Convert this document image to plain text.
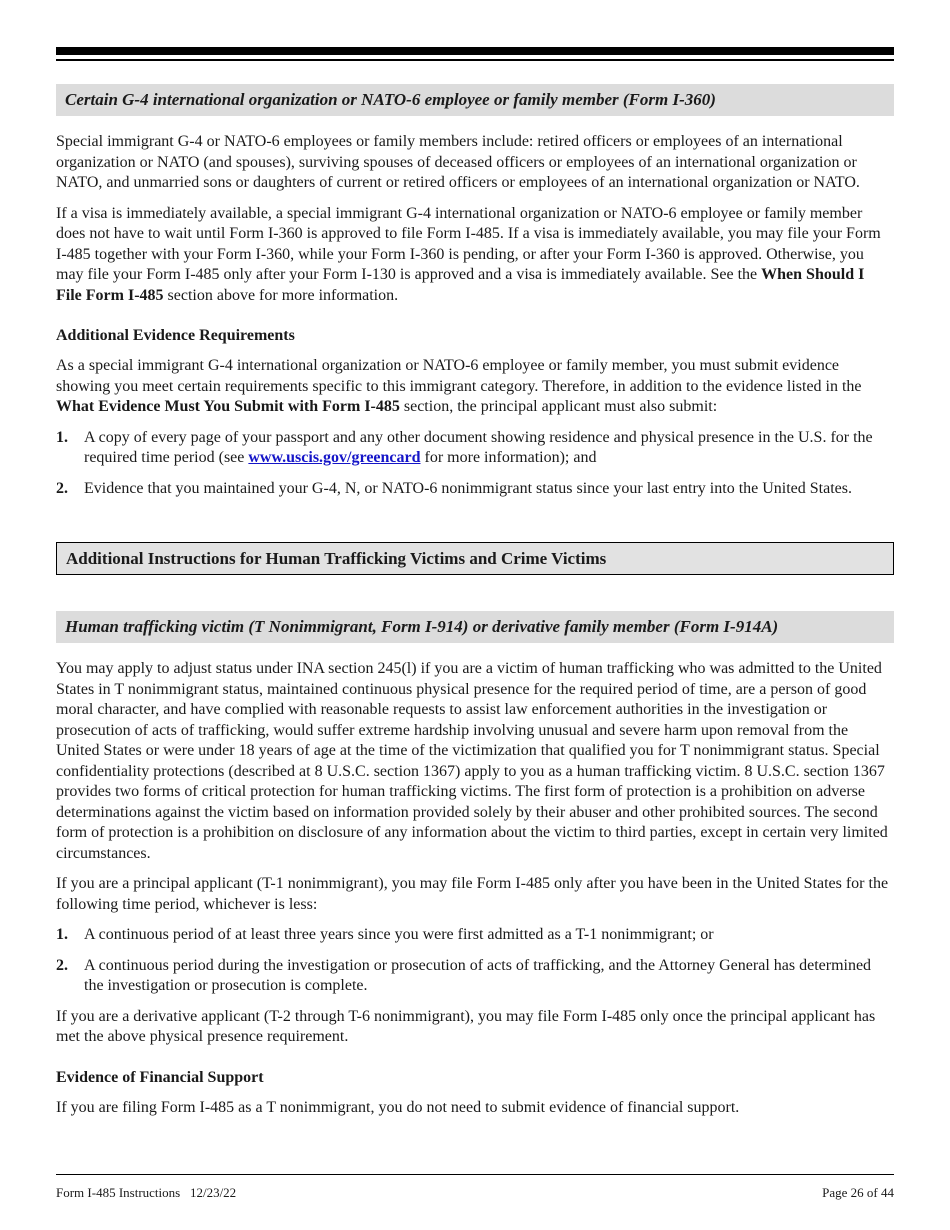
Certain G-4 international organization or NATO-6 employee or family member (Form I-360)

Special immigrant G-4 or NATO-6 employees or family members include: retired officers or employees of an international organization or NATO (and spouses), surviving spouses of deceased officers or employees of an international organization or NATO, and unmarried sons or daughters of current or retired officers or employees of an international organization or NATO.

If a visa is immediately available, a special immigrant G-4 international organization or NATO-6 employee or family member does not have to wait until Form I-360 is approved to file Form I-485. If a visa is immediately available, you may file your Form I-485 together with your Form I-360, while your Form I-360 is pending, or after your Form I-360 is approved. Otherwise, you may file your Form I-485 only after your Form I-130 is approved and a visa is immediately available. See the When Should I File Form I-485 section above for more information.

Additional Evidence Requirements

As a special immigrant G-4 international organization or NATO-6 employee or family member, you must submit evidence showing you meet certain requirements specific to this immigrant category. Therefore, in addition to the evidence listed in the What Evidence Must You Submit with Form I-485 section, the principal applicant must also submit:

1.	A copy of every page of your passport and any other document showing residence and physical presence in the U.S. for the required time period (see www.uscis.gov/greencard for more information); and
2.	Evidence that you maintained your G-4, N, or NATO-6 nonimmigrant status since your last entry into the United States.
Additional Instructions for Human Trafficking Victims and Crime Victims
Human trafficking victim (T Nonimmigrant, Form I-914) or derivative family member (Form I-914A)

You may apply to adjust status under INA section 245(l) if you are a victim of human trafficking who was admitted to the United States in T nonimmigrant status, maintained continuous physical presence for the required period of time, are a person of good moral character, and have complied with reasonable requests to assist law enforcement authorities in the investigation or prosecution of acts of trafficking, would suffer extreme hardship involving unusual and severe harm upon removal from the United States or were under 18 years of age at the time of the victimization that qualified you for T nonimmigrant status. Special confidentiality protections (described at 8 U.S.C. section 1367) apply to you as a human trafficking victim. 8 U.S.C. section 1367 provides two forms of critical protection for human trafficking victims. The first form of protection is a prohibition on adverse determinations against the victim based on information provided solely by their abuser and other prohibited sources. The second form of protection is a prohibition on disclosure of any information about the victim to third parties, except in certain very limited circumstances.

If you are a principal applicant (T-1 nonimmigrant), you may file Form I-485 only after you have been in the United States for the following time period, whichever is less:

1.	A continuous period of at least three years since you were first admitted as a T-1 nonimmigrant; or
2.	A continuous period during the investigation or prosecution of acts of trafficking, and the Attorney General has determined the investigation or prosecution is complete.

If you are a derivative applicant (T-2 through T-6 nonimmigrant), you may file Form I-485 only once the principal applicant has met the above physical presence requirement.

Evidence of Financial Support

If you are filing Form I-485 as a T nonimmigrant, you do not need to submit evidence of financial support.

Form I-485 Instructions   12/23/22	Page 26 of 44
